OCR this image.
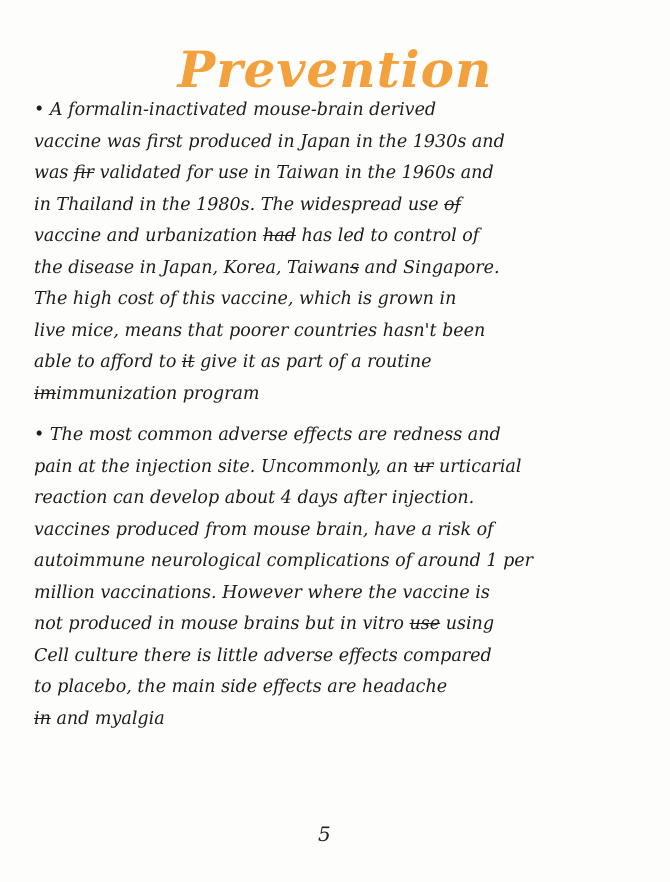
Prevention
• A formalin-inactivated mouse-brain derived
vaccine was first produced in Japan in the 1930s and
was fir validated for use in Taiwan in the 1960s and
in Thailand in the 1980s. The widespread use of
vaccine and urbanization had has led to control of
the disease in Japan, Korea, Taiwans and Singapore.
The high cost of this vaccine, which is grown in
live mice, means that poorer countries hasn't been
able to afford to it give it as part of a routine
imimmunization program
• The most common adverse effects are redness and
pain at the injection site. Uncommonly, an ur urticarial
reaction can develop about 4 days after injection.
vaccines produced from mouse brain, have a risk of
autoimmune neurological complications of around 1 per
million vaccinations. However where the vaccine is
not produced in mouse brains but in vitro use using
Cell culture there is little adverse effects compared
to placebo, the main side effects are headache
in and myalgia
5
